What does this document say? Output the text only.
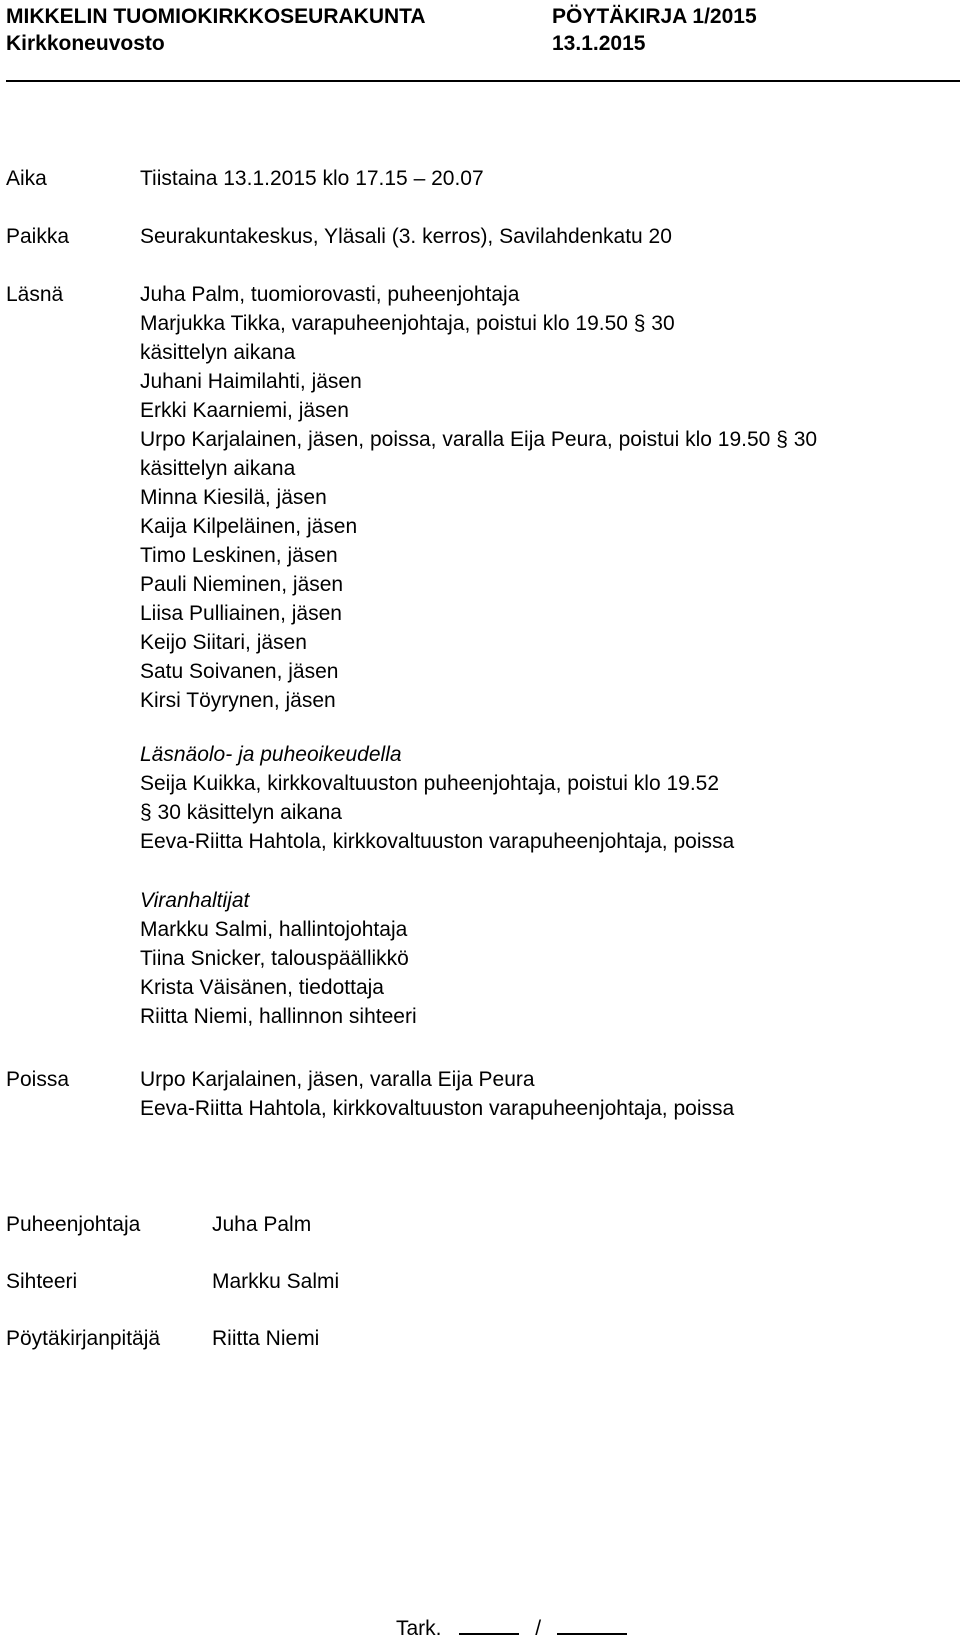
MIKKELIN TUOMIOKIRKKOSEURAKUNTA	PÖYTÄKIRJA 1/2015
Kirkkoneuvosto	13.1.2015
Aika	Tiistaina 13.1.2015 klo 17.15 – 20.07
Paikka	Seurakuntakeskus, Yläsali (3. kerros), Savilahdenkatu 20
Läsnä	Juha Palm, tuomiorovasti, puheenjohtaja
Marjukka Tikka, varapuheenjohtaja, poistui klo 19.50 § 30
käsittelyn aikana
Juhani Haimilahti, jäsen
Erkki Kaarniemi, jäsen
Urpo Karjalainen, jäsen, poissa, varalla Eija Peura, poistui klo 19.50 § 30
käsittelyn aikana
Minna Kiesilä, jäsen
Kaija Kilpeläinen, jäsen
Timo Leskinen, jäsen
Pauli Nieminen, jäsen
Liisa Pulliainen, jäsen
Keijo Siitari, jäsen
Satu Soivanen, jäsen
Kirsi Töyrynen, jäsen
Läsnäolo- ja puheoikeudella
Seija Kuikka, kirkkovaltuuston puheenjohtaja, poistui klo 19.52
§ 30 käsittelyn aikana
Eeva-Riitta Hahtola, kirkkovaltuuston varapuheenjohtaja, poissa
Viranhaltijat
Markku Salmi, hallintojohtaja
Tiina Snicker, talouspäällikkö
Krista Väisänen, tiedottaja
Riitta Niemi, hallinnon sihteeri
Poissa	Urpo Karjalainen, jäsen, varalla Eija Peura
Eeva-Riitta Hahtola, kirkkovaltuuston varapuheenjohtaja, poissa
Puheenjohtaja	Juha Palm
Sihteeri	Markku Salmi
Pöytäkirjanpitäjä Riitta Niemi
Tark.	/
